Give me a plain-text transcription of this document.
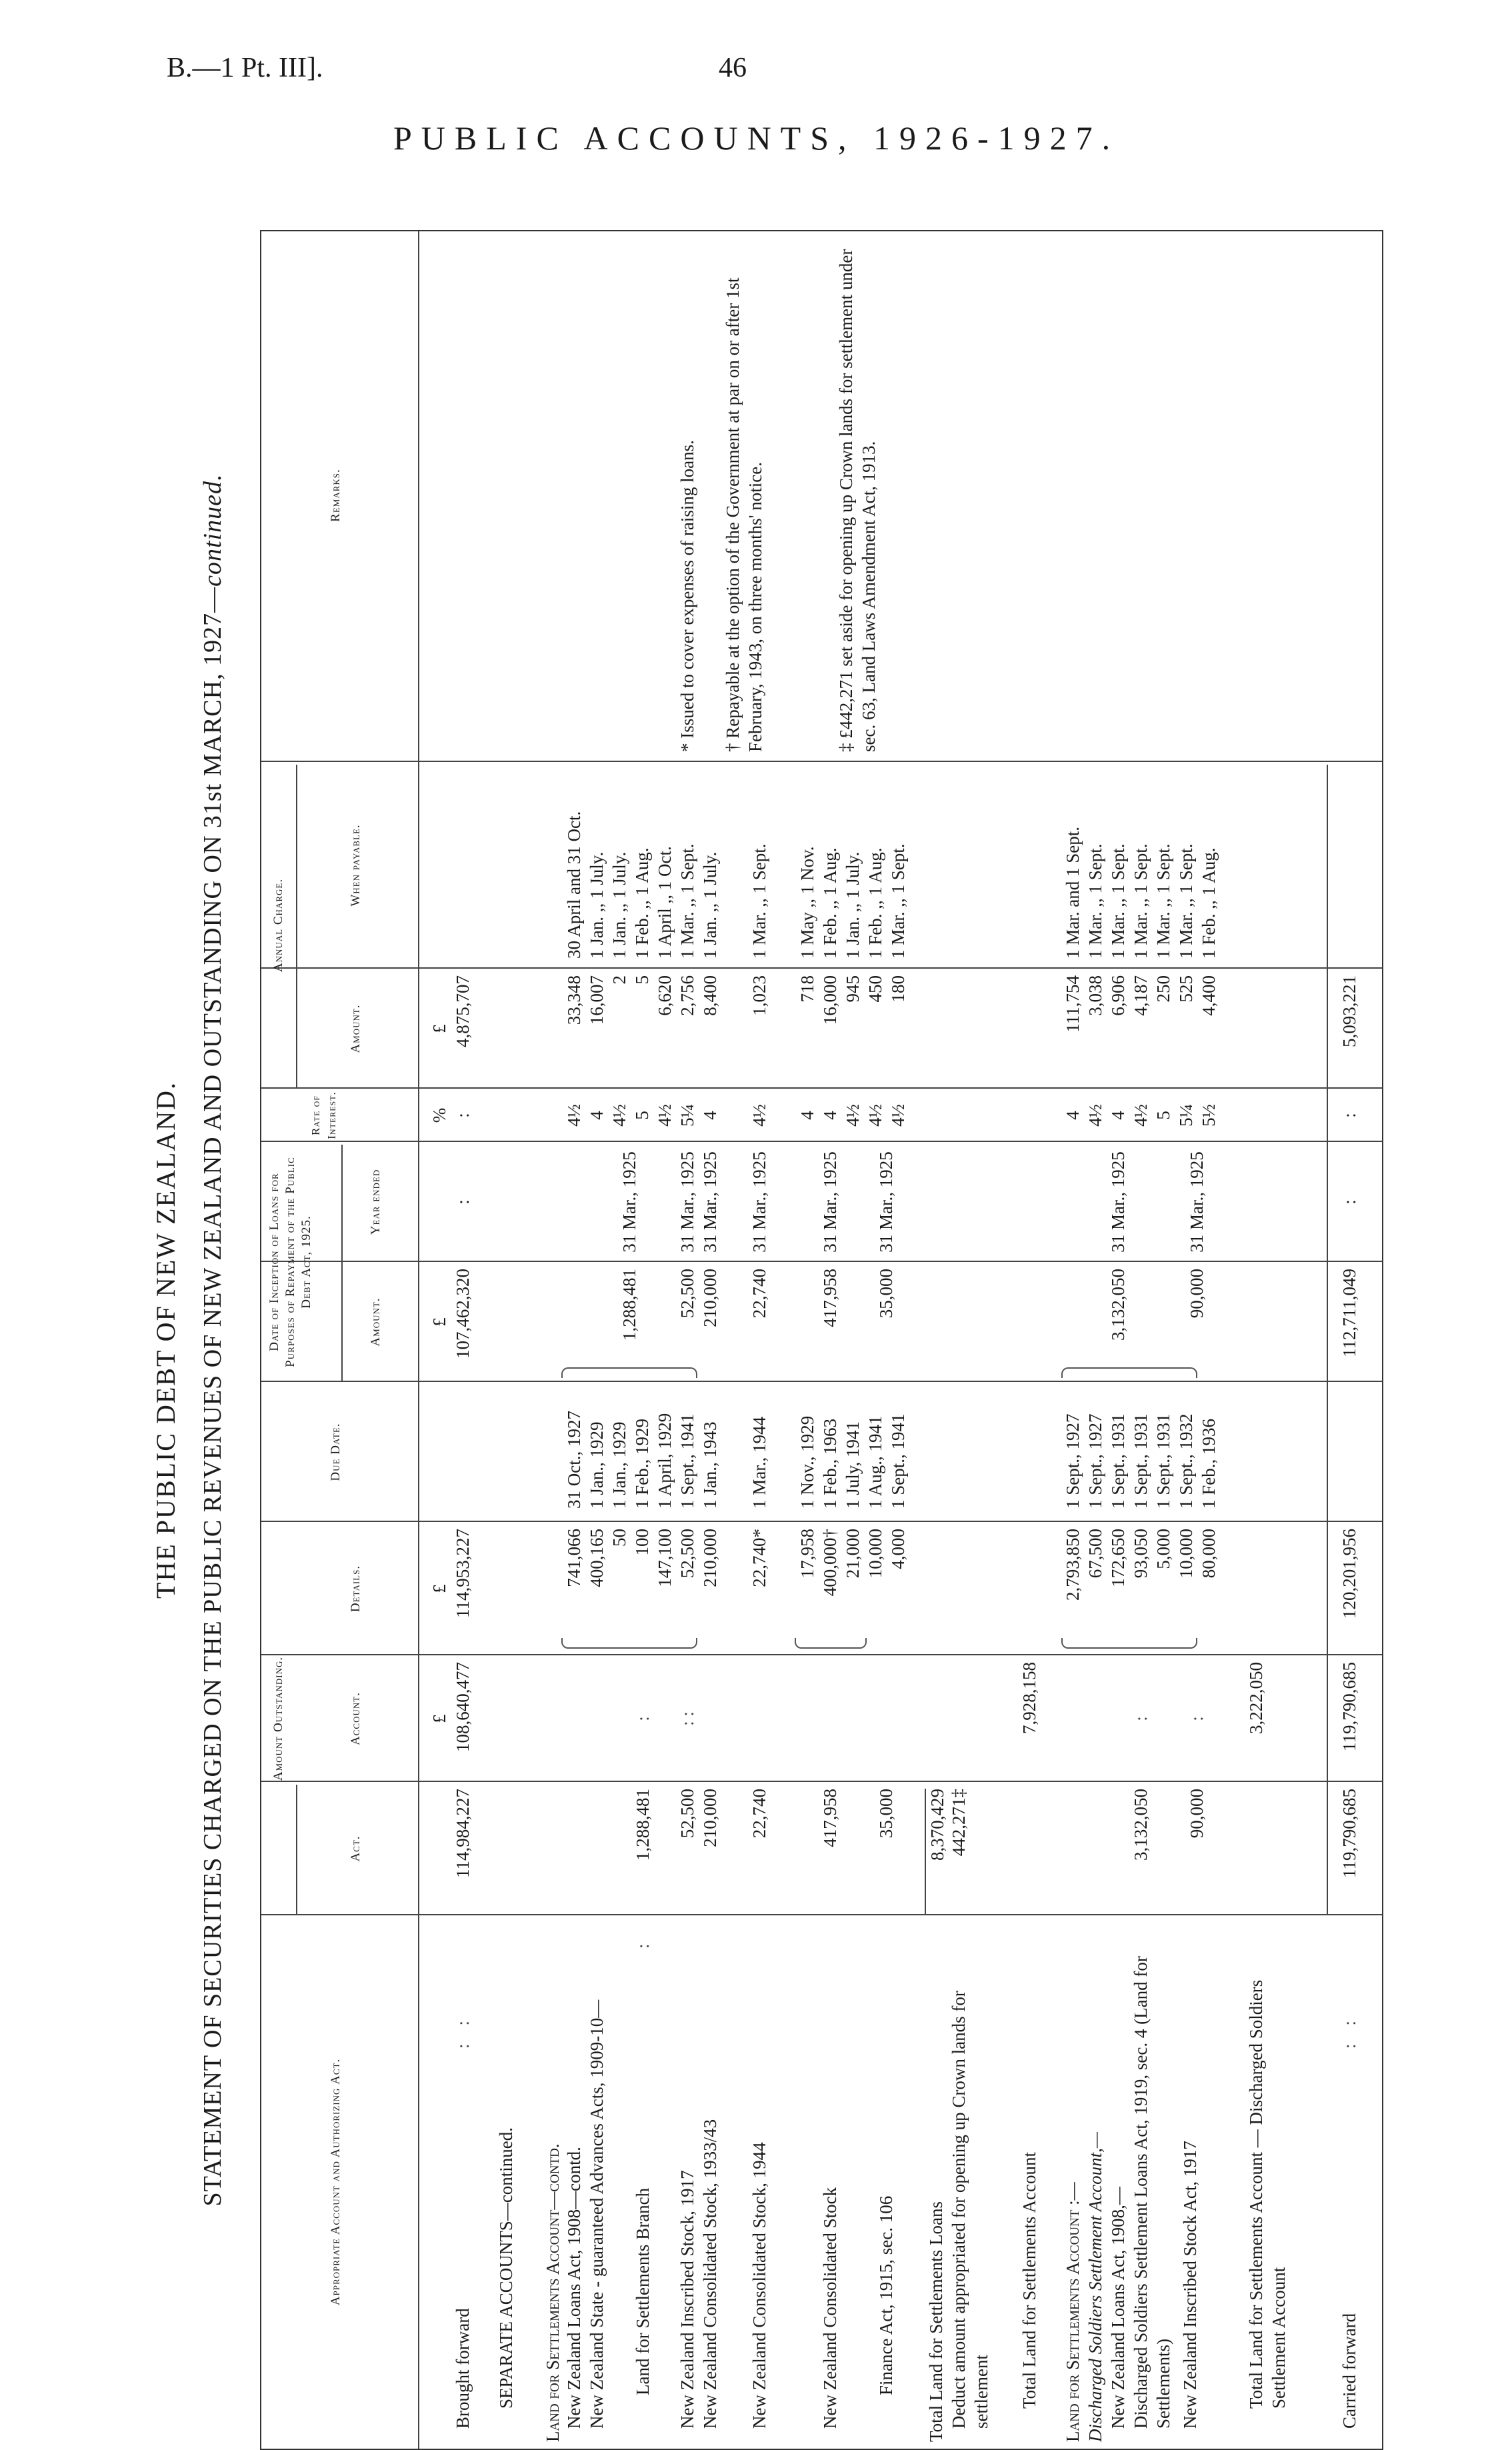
B.—1 Pt. III].	46
PUBLIC ACCOUNTS, 1926-1927.
THE PUBLIC DEBT OF NEW ZEALAND. STATEMENT OF SECURITIES CHARGED ON THE PUBLIC REVENUES OF NEW ZEALAND AND OUTSTANDING ON 31st MARCH, 1927—continued.
Appropriate Account and Authorizing Act.
Amount Outstanding.
Act.
Account.
Details.
Due Date.
Date of Inception of Loans for Purposes of Repayment of the Public Debt Act, 1925.
Amount.
Year ended
Rate of Interest.
Annual Charge.
Amount.
When payable.
Remarks.
£
£
£
%
£
Brought forward
:    :
114,984,227
108,640,477
114,953,227
107,462,320
:
:
4,875,707
SEPARATE ACCOUNTS—continued. Land for Settlements Account—contd. New Zealand Loans Act, 1908—contd. New Zealand State - guaranteed Advances Acts, 1909-10— Land for Settlements Branch
:
1,288,481
:
741,066 400,165 50 100 147,100
31 Oct., 1927 1 Jan., 1929 1 Jan., 1929 1 Feb., 1929 1 April, 1929
1,288,481
31 Mar., 1925
4½ 4 4½ 5 4½
33,348 16,007 2 5 6,620
30 April and 31 Oct. 1 Jan. ,, 1 July. 1 Jan. ,, 1 July. 1 Feb. ,, 1 Aug. 1 April ,, 1 Oct.
New Zealand Inscribed Stock, 1917
52,500
: :
52,500
1 Sept., 1941
52,500
31 Mar., 1925
5¼
2,756
1 Mar. ,, 1 Sept.
New Zealand Consolidated Stock, 1933/43
210,000
210,000
1 Jan., 1943
210,000
31 Mar., 1925
4
8,400
1 Jan. ,, 1 July.
New Zealand Consolidated Stock, 1944
22,740
22,740*
1 Mar., 1944
22,740
31 Mar., 1925
4½
1,023
1 Mar. ,, 1 Sept.
New Zealand Consolidated Stock
417,958
17,958 400,000† 21,000
1 Nov., 1929 1 Feb., 1963 1 July, 1941
417,958
31 Mar., 1925
4 4 4½
718 16,000 945
1 May ,, 1 Nov. 1 Feb. ,, 1 Aug. 1 Jan. ,, 1 July.
Finance Act, 1915, sec. 106
35,000
10,000 4,000
1 Aug., 1941 1 Sept., 1941
35,000
31 Mar., 1925
4½ 4½
450 180
1 Feb. ,, 1 Aug. 1 Mar. ,, 1 Sept.
Total Land for Settlements Loans
8,370,429
Deduct amount appropriated for opening up Crown lands for settlement
442,271‡
Total Land for Settlements Account
7,928,158
Land for Settlements Account :— Discharged Soldiers Settlement Account,— New Zealand Loans Act, 1908,— Discharged Soldiers Settlement Loans Act, 1919, sec. 4 (Land for Settlements)
3,132,050
:
2,793,850 67,500 172,650 93,050 5,000
1 Sept., 1927 1 Sept., 1927 1 Sept., 1931 1 Sept., 1931 1 Sept., 1931
3,132,050
31 Mar., 1925
4 4½ 4 4½ 5
111,754 3,038 6,906 4,187 250
1 Mar. and 1 Sept. 1 Mar. ,, 1 Sept. 1 Mar. ,, 1 Sept. 1 Mar. ,, 1 Sept. 1 Mar. ,, 1 Sept.
New Zealand Inscribed Stock Act, 1917
90,000
:
10,000 80,000
1 Sept., 1932 1 Feb., 1936
90,000
31 Mar., 1925
5¼ 5½
525 4,400
1 Mar. ,, 1 Sept. 1 Feb. ,, 1 Aug.
Total Land for Settlements Account — Discharged Soldiers Settlement Account
3,222,050
Carried forward
:    :
119,790,685
119,790,685
120,201,956
112,711,049
:
:
5,093,221
* Issued to cover expenses of raising loans. † Repayable at the option of the Government at par on or after 1st February, 1943, on three months' notice.	‡ £442,271 set aside for opening up Crown lands for settlement under sec. 63, Land Laws Amendment Act, 1913.
